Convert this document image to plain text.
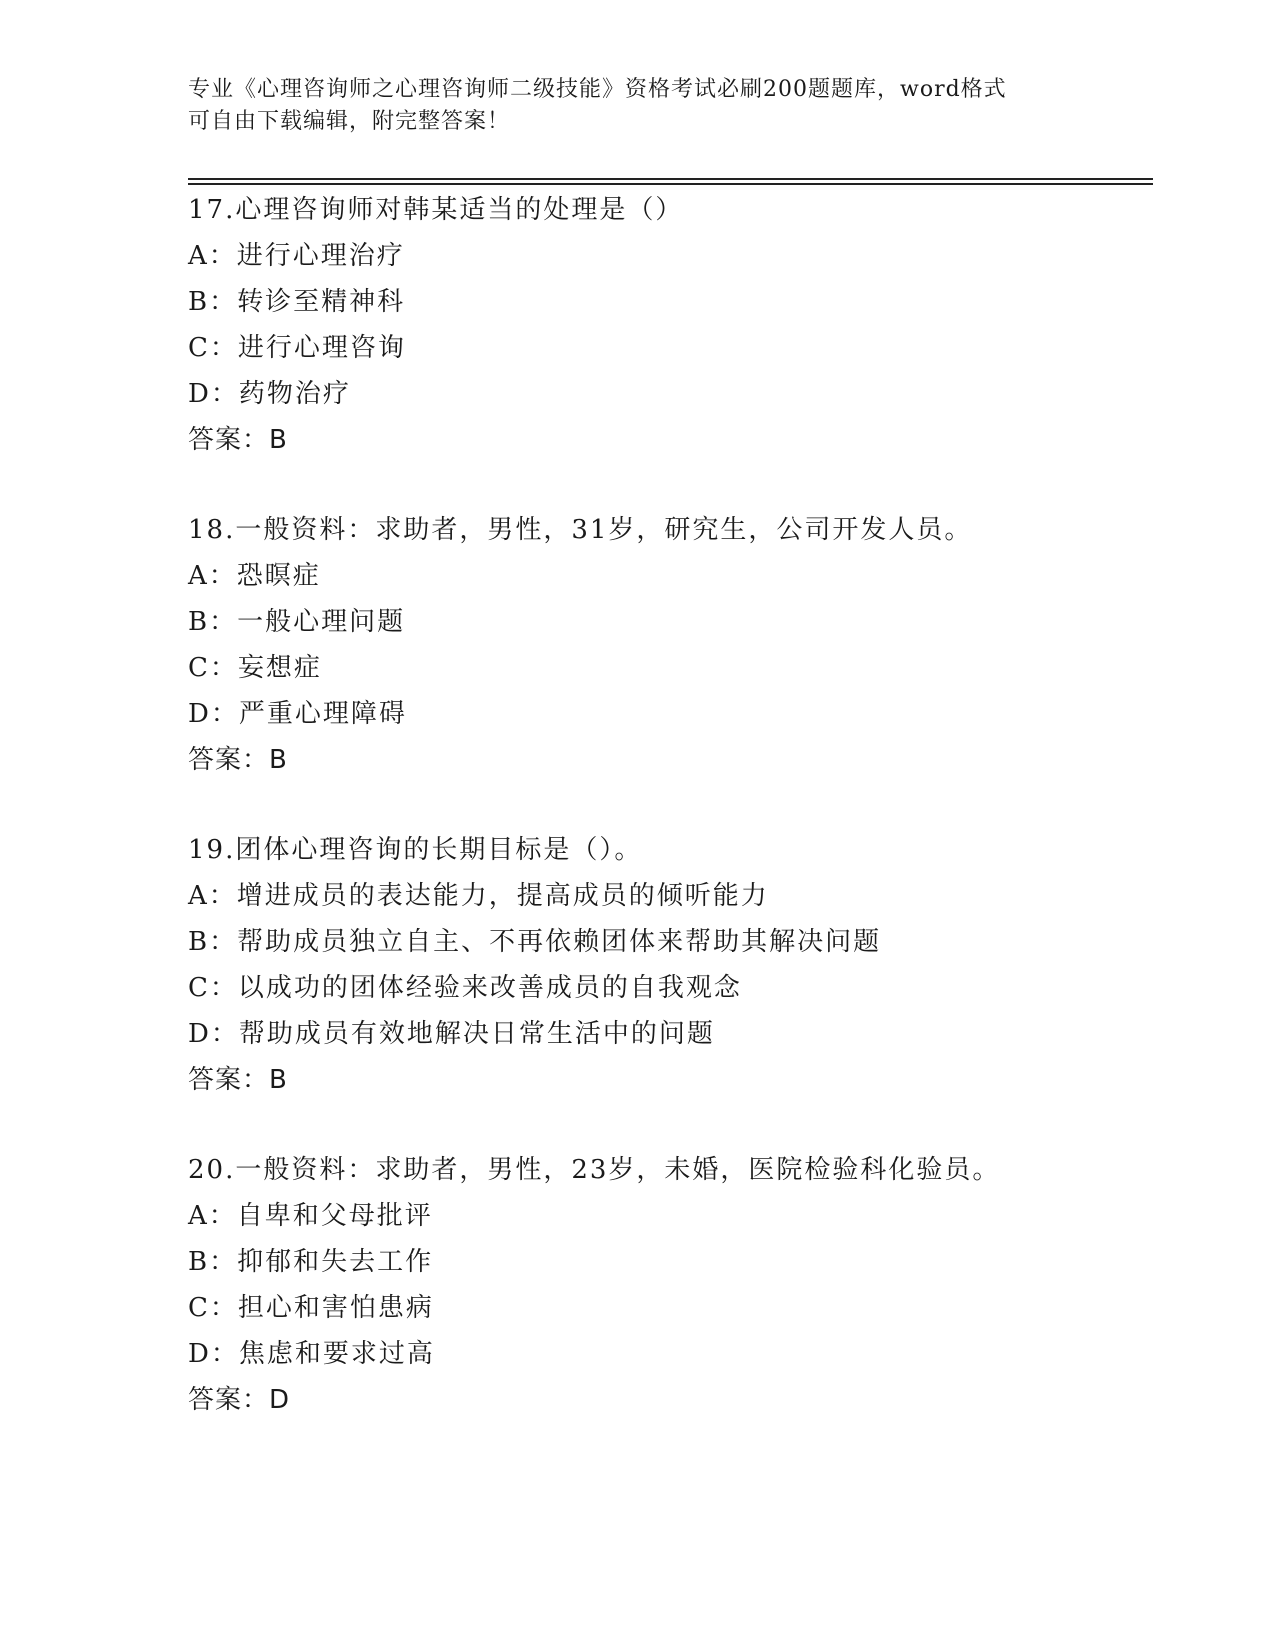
专业《心理咨询师之心理咨询师二级技能》资格考试必刷200题题库，word格式
可自由下载编辑，附完整答案！
17.心理咨询师对韩某适当的处理是（）
A：进行心理治疗
B：转诊至精神科
C：进行心理咨询
D：药物治疗
答案：B
18.一般资料：求助者，男性，31岁，研究生，公司开发人员。
A：恐暝症
B：一般心理问题
C：妄想症
D：严重心理障碍
答案：B
19.团体心理咨询的长期目标是（）。
A：增进成员的表达能力，提高成员的倾听能力
B：帮助成员独立自主、不再依赖团体来帮助其解决问题
C：以成功的团体经验来改善成员的自我观念
D：帮助成员有效地解决日常生活中的问题
答案：B
20.一般资料：求助者，男性，23岁，未婚，医院检验科化验员。
A：自卑和父母批评
B：抑郁和失去工作
C：担心和害怕患病
D：焦虑和要求过高
答案：D
